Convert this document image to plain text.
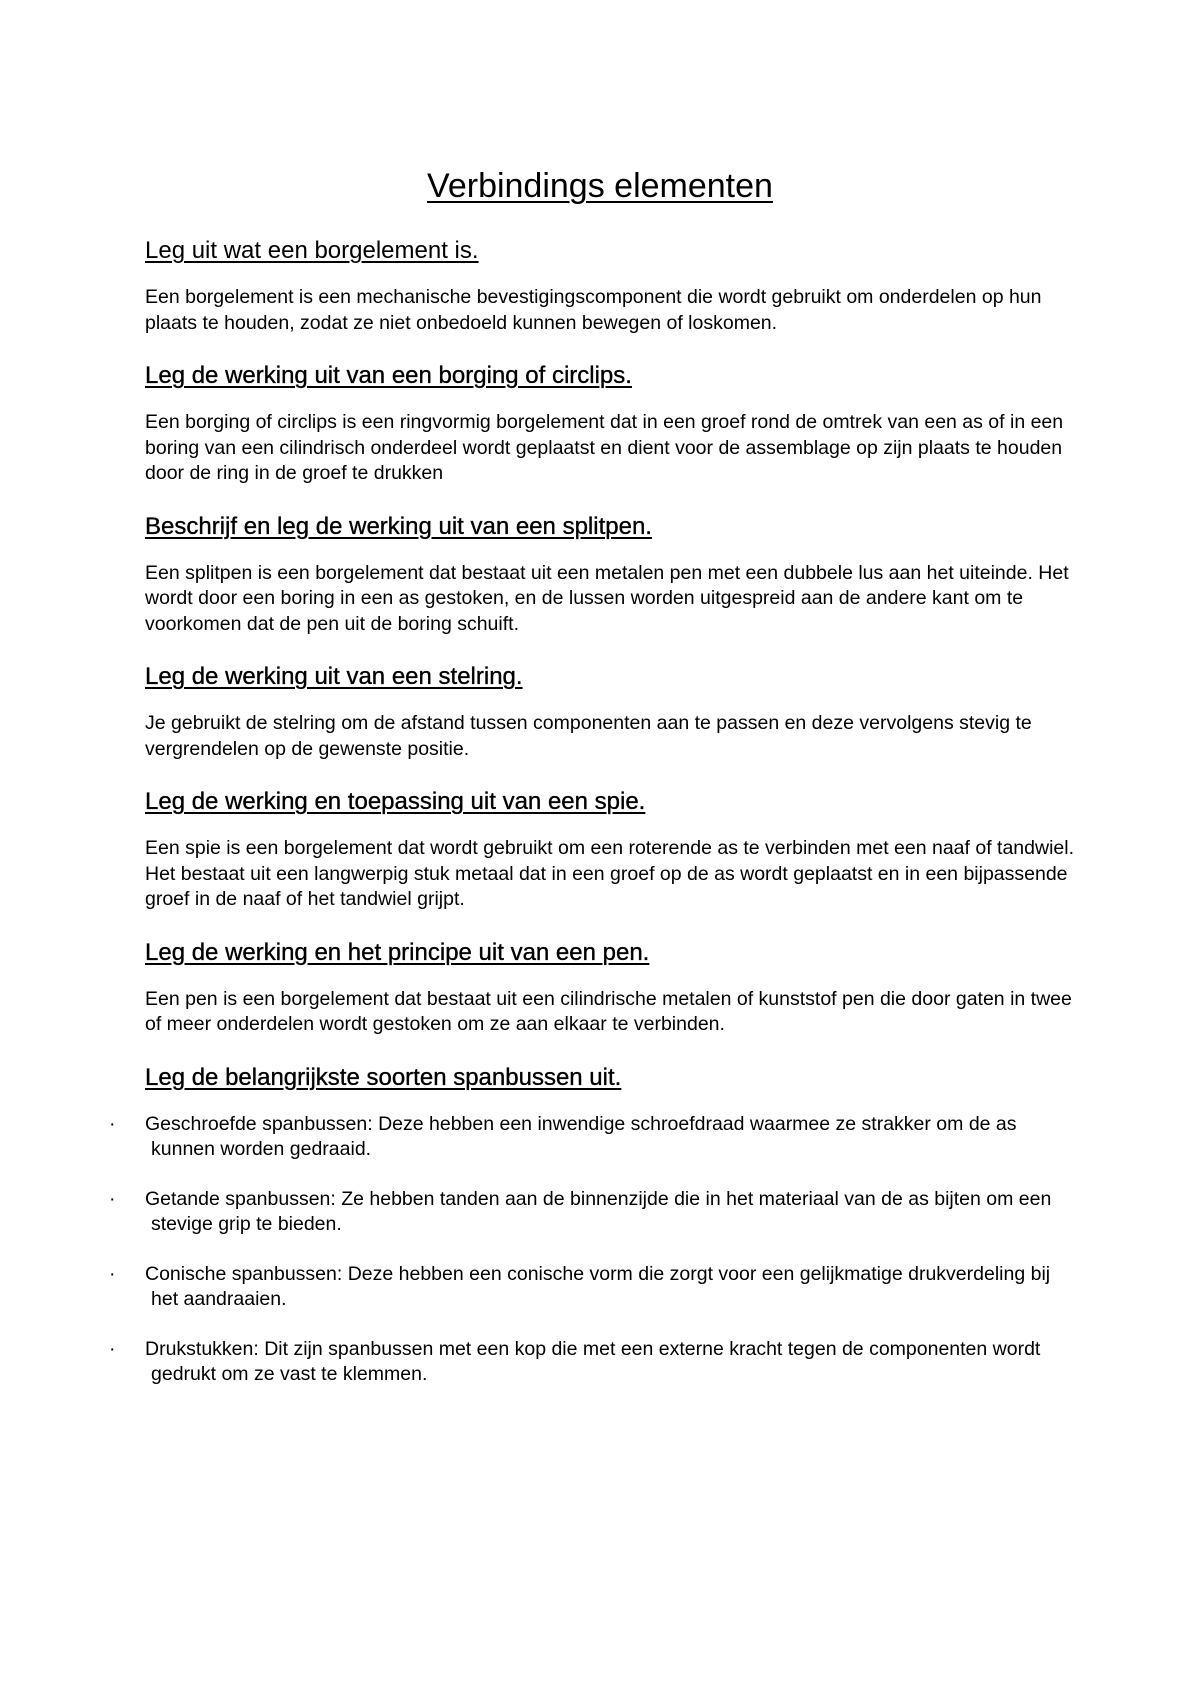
Verbindings elementen
Leg uit wat een borgelement is.

Een borgelement is een mechanische bevestigingscomponent die wordt gebruikt om onderdelen op hun plaats te houden, zodat ze niet onbedoeld kunnen bewegen of loskomen.

Leg de werking uit van een borging of circlips.

Een borging of circlips is een ringvormig borgelement dat in een groef rond de omtrek van een as of in een boring van een cilindrisch onderdeel wordt geplaatst en dient voor de assemblage op zijn plaats te houden door de ring in de groef te drukken

Beschrijf en leg de werking uit van een splitpen.

Een splitpen is een borgelement dat bestaat uit een metalen pen met een dubbele lus aan het uiteinde. Het wordt door een boring in een as gestoken, en de lussen worden uitgespreid aan de andere kant om te voorkomen dat de pen uit de boring schuift.

Leg de werking uit van een stelring.

Je gebruikt de stelring om de afstand tussen componenten aan te passen en deze vervolgens stevig te vergrendelen op de gewenste positie.

Leg de werking en toepassing uit van een spie.

Een spie is een borgelement dat wordt gebruikt om een roterende as te verbinden met een naaf of tandwiel. Het bestaat uit een langwerpig stuk metaal dat in een groef op de as wordt geplaatst en in een bijpassende groef in de naaf of het tandwiel grijpt.

Leg de werking en het principe uit van een pen.

Een pen is een borgelement dat bestaat uit een cilindrische metalen of kunststof pen die door gaten in twee of meer onderdelen wordt gestoken om ze aan elkaar te verbinden.

Leg de belangrijkste soorten spanbussen uit.
·	Geschroefde spanbussen: Deze hebben een inwendige schroefdraad waarmee ze strakker om de as kunnen worden gedraaid.
·	Getande spanbussen: Ze hebben tanden aan de binnenzijde die in het materiaal van de as bijten om een stevige grip te bieden.
·	Conische spanbussen: Deze hebben een conische vorm die zorgt voor een gelijkmatige drukverdeling bij het aandraaien.
·	Drukstukken: Dit zijn spanbussen met een kop die met een externe kracht tegen de componenten wordt gedrukt om ze vast te klemmen.
